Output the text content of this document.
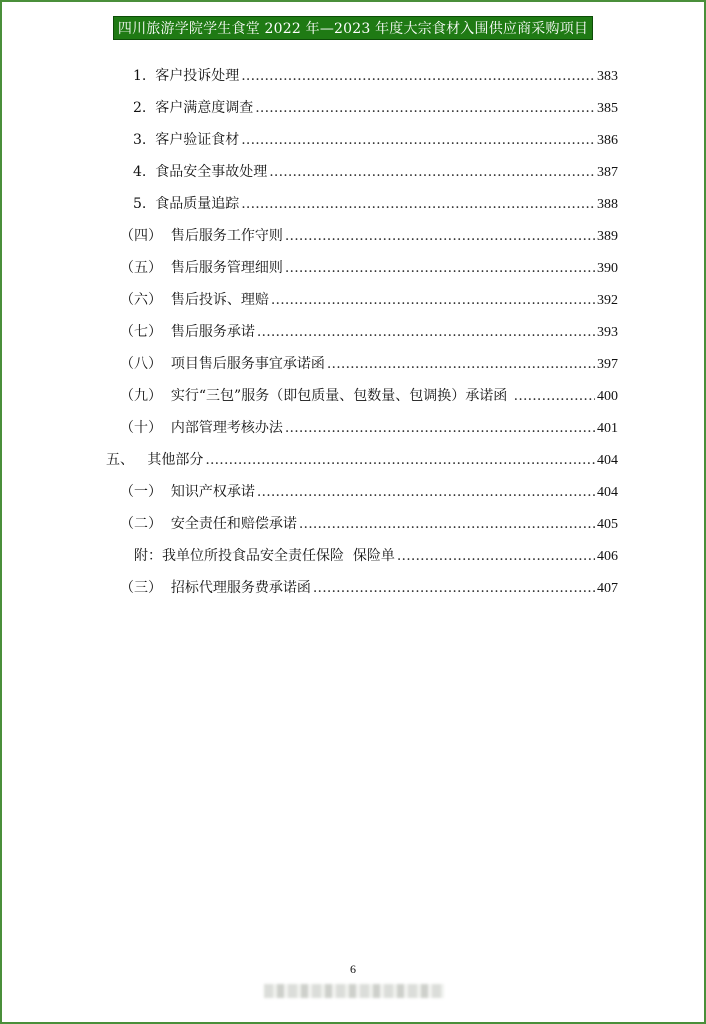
四川旅游学院学生食堂 2022 年—2023 年度大宗食材入围供应商采购项目
1.  客户投诉处理 .....	383
2.  客户满意度调查 .....	385
3.  客户验证食材 .....	386
4.  食品安全事故处理 .....	387
5.  食品质量追踪 .....	388
（四）  售后服务工作守则 .....	389
（五）  售后服务管理细则 .....	390
（六）  售后投诉、理赔 .....	392
（七）  售后服务承诺 .....	393
（八）  项目售后服务事宜承诺函 .....	397
（九）  实行“三包”服务（即包质量、包数量、包调换）承诺函 .....	400
（十）  内部管理考核办法 .....	401
五、   其他部分 .....	404
（一）  知识产权承诺 .....	404
（二）  安全责任和赔偿承诺 .....	405
附：我单位所投食品安全责任保险  保险单 .....	406
（三）  招标代理服务费承诺函 .....	407
6
